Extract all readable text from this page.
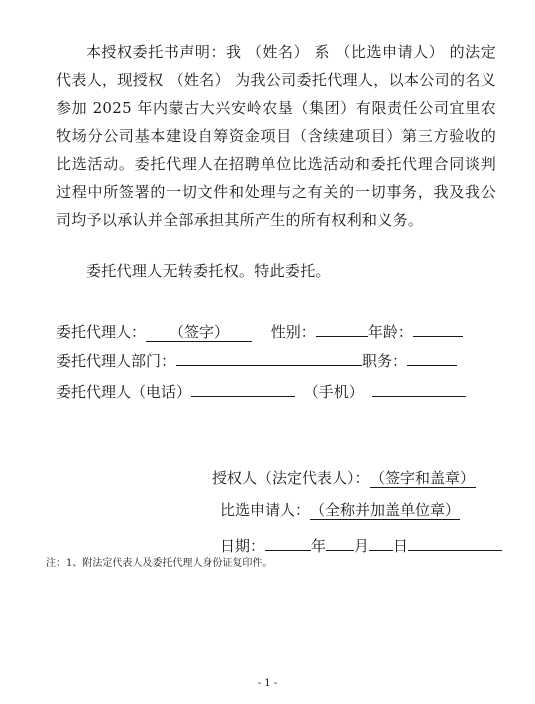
本授权委托书声明：我 （姓名） 系 （比选申请人） 的法定代表人，现授权 （姓名） 为我公司委托代理人，以本公司的名义参加 2025 年内蒙古大兴安岭农垦（集团）有限责任公司宜里农牧场分公司基本建设自筹资金项目（含续建项目）第三方验收的比选活动。委托代理人在招聘单位比选活动和委托代理合同谈判过程中所签署的一切文件和处理与之有关的一切事务，我及我公司均予以承认并全部承担其所产生的所有权利和义务。

委托代理人无转委托权。特此委托。

委托代理人： （签字）	性别：	年龄：
委托代理人部门：	职务：
委托代理人（电话）	（手机）
授权人（法定代表人）：（签字和盖章）
比选申请人：（全称并加盖单位章）
日期：	年 月 日
注：1、附法定代表人及委托代理人身份证复印件。
- 1 -
